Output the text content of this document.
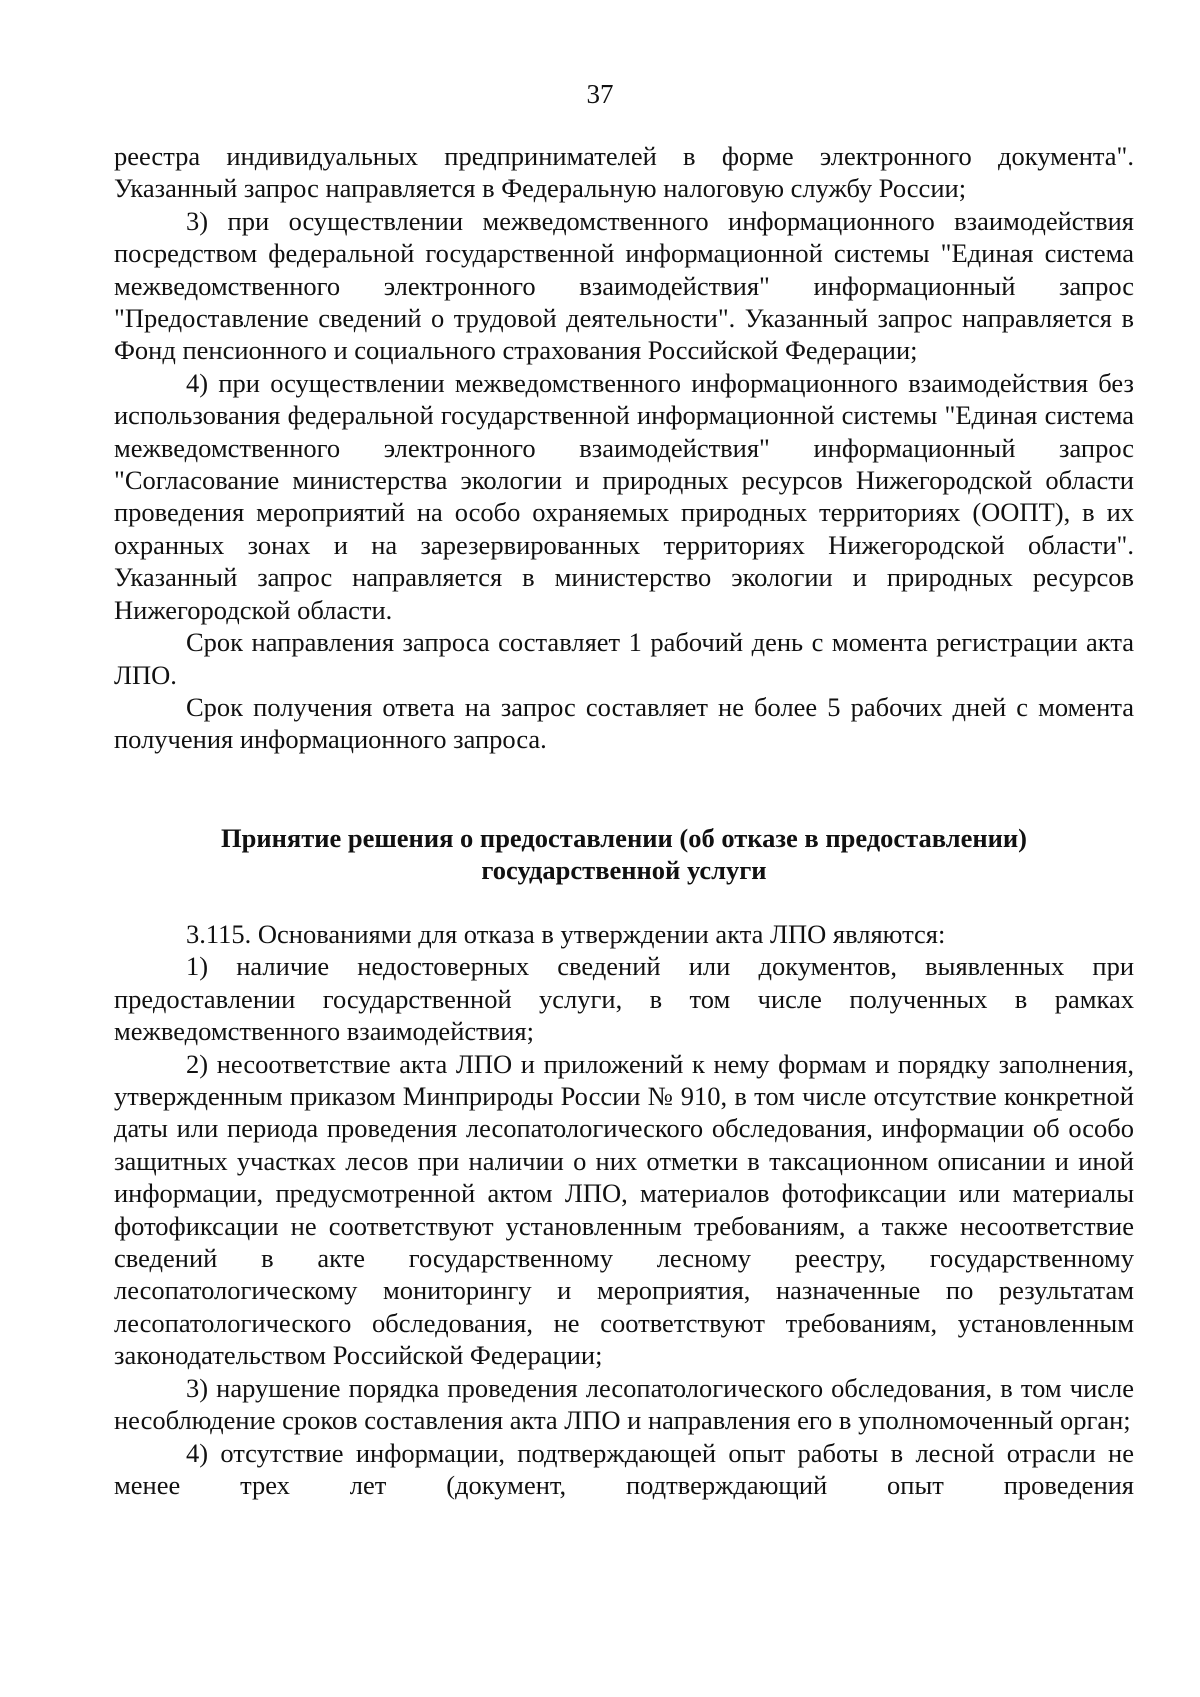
37

реестра индивидуальных предпринимателей в форме электронного документа". Указанный запрос направляется в Федеральную налоговую службу России;

3) при осуществлении межведомственного информационного взаимодействия посредством федеральной государственной информационной системы "Единая система межведомственного электронного взаимодействия" информационный запрос "Предоставление сведений о трудовой деятельности". Указанный запрос направляется в Фонд пенсионного и социального страхования Российской Федерации;

4) при осуществлении межведомственного информационного взаимодействия без использования федеральной государственной информационной системы "Единая система межведомственного электронного взаимодействия" информационный запрос "Согласование министерства экологии и природных ресурсов Нижегородской области проведения мероприятий на особо охраняемых природных территориях (ООПТ), в их охранных зонах и на зарезервированных территориях Нижегородской области". Указанный запрос направляется в министерство экологии и природных ресурсов Нижегородской области.

Срок направления запроса составляет 1 рабочий день с момента регистрации акта ЛПО.

Срок получения ответа на запрос составляет не более 5 рабочих дней с момента получения информационного запроса.

Принятие решения о предоставлении (об отказе в предоставлении)
государственной услуги

3.115. Основаниями для отказа в утверждении акта ЛПО являются:

1) наличие недостоверных сведений или документов, выявленных при предоставлении государственной услуги, в том числе полученных в рамках межведомственного взаимодействия;

2) несоответствие акта ЛПО и приложений к нему формам и порядку заполнения, утвержденным приказом Минприроды России № 910, в том числе отсутствие конкретной даты или периода проведения лесопатологического обследования, информации об особо защитных участках лесов при наличии о них отметки в таксационном описании и иной информации, предусмотренной актом ЛПО, материалов фотофиксации или материалы фотофиксации не соответствуют установленным требованиям, а также несоответствие сведений в акте государственному лесному реестру, государственному лесопатологическому мониторингу и мероприятия, назначенные по результатам лесопатологического обследования, не соответствуют требованиям, установленным законодательством Российской Федерации;

3) нарушение порядка проведения лесопатологического обследования, в том числе несоблюдение сроков составления акта ЛПО и направления его в уполномоченный орган;

4) отсутствие информации, подтверждающей опыт работы в лесной отрасли не менее трех лет (документ, подтверждающий опыт проведения
